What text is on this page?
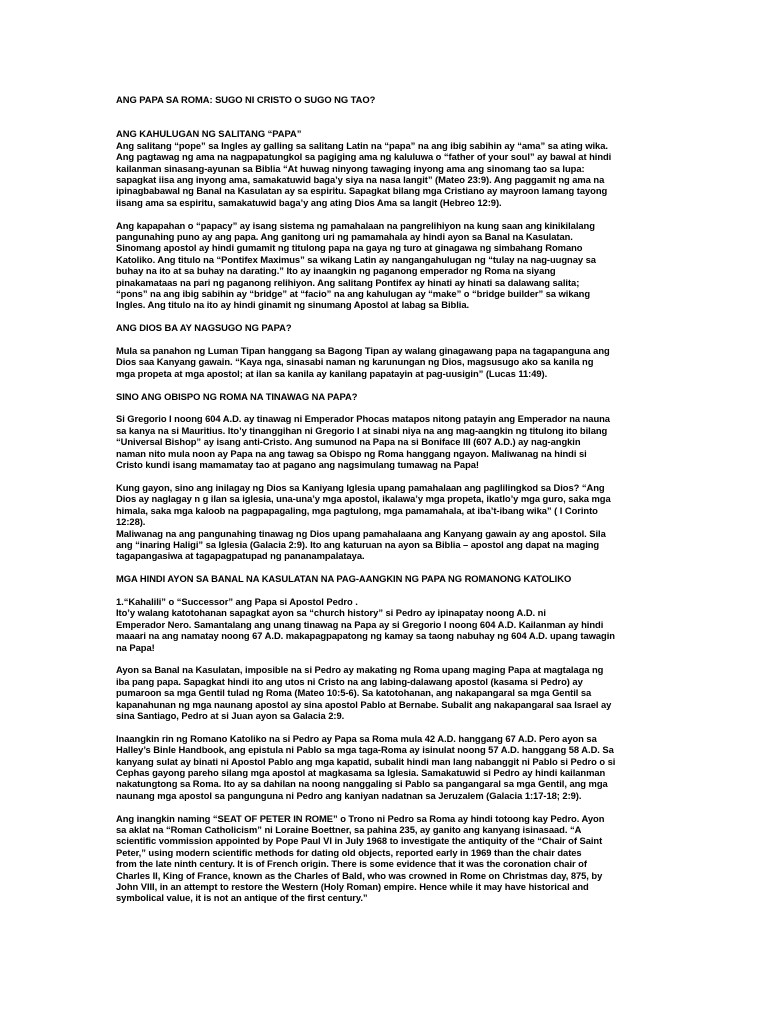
ANG PAPA SA ROMA: SUGO NI CRISTO O SUGO NG TAO?
ANG KAHULUGAN NG SALITANG “PAPA”
Ang salitang “pope” sa Ingles ay galling sa salitang Latin na “papa” na ang ibig sabihin ay “ama” sa ating wika.
Ang pagtawag ng ama na nagpapatungkol sa pagiging ama ng kaluluwa o “father of your soul” ay bawal at hindi
kailanman sinasang-ayunan sa Biblia “At huwag ninyong tawaging inyong ama ang sinomang tao sa lupa:
sapagkat iisa ang inyong ama, samakatuwid baga’y siya na nasa langit” (Mateo 23:9). Ang paggamit ng ama na
ipinagbabawal ng Banal na Kasulatan ay sa espiritu. Sapagkat bilang mga Cristiano ay mayroon lamang tayong
iisang ama sa espiritu, samakatuwid baga’y ang ating Dios Ama sa langit (Hebreo 12:9).
Ang kapapahan o “papacy” ay isang sistema ng pamahalaan na pangrelihiyon na kung saan ang kinikilalang
pangunahing puno ay ang papa. Ang ganitong uri ng pamamahala ay hindi ayon sa Banal na Kasulatan.
Sinomang apostol ay hindi gumamit ng titulong papa na gaya ng turo at ginagawa ng simbahang Romano
Katoliko. Ang titulo na “Pontifex Maximus” sa wikang Latin ay nangangahulugan ng “tulay na nag-uugnay sa
buhay na ito at sa buhay na darating.” Ito ay inaangkin ng paganong emperador ng Roma na siyang
pinakamataas na pari ng paganong relihiyon. Ang salitang Pontifex ay hinati ay hinati sa dalawang salita;
“pons” na ang ibig sabihin ay “bridge” at “facio” na ang kahulugan ay “make” o “bridge builder” sa wikang
Ingles. Ang titulo na ito ay hindi ginamit ng sinumang Apostol at labag sa Biblia.
ANG DIOS BA AY NAGSUGO NG PAPA?
Mula sa panahon ng Luman Tipan hanggang sa Bagong Tipan ay walang ginagawang papa na tagapanguna ang
Dios saa Kanyang gawain. “Kaya nga, sinasabi naman ng karunungan ng Dios, magsusugo ako sa kanila ng
mga propeta at mga apostol; at ilan sa kanila ay kanilang papatayin at pag-uusigin” (Lucas 11:49).
SINO ANG OBISPO NG ROMA NA TINAWAG NA PAPA?
Si Gregorio I noong 604 A.D. ay tinawag ni Emperador Phocas matapos nitong patayin ang Emperador na nauna
sa kanya na si Mauritius. Ito’y tinanggihan ni Gregorio I at sinabi niya na ang mag-aangkin ng titulong ito bilang
“Universal Bishop” ay isang anti-Cristo. Ang sumunod na Papa na si Boniface III (607 A.D.) ay nag-angkin
naman nito mula noon ay Papa na ang tawag sa Obispo ng Roma hanggang ngayon. Maliwanag na hindi si
Cristo kundi isang mamamatay tao at pagano ang nagsimulang tumawag na Papa!
Kung gayon, sino ang inilagay ng Dios sa Kaniyang Iglesia upang pamahalaan ang paglilingkod sa Dios? “Ang
Dios ay naglagay n g ilan sa iglesia, una-una’y mga apostol, ikalawa’y mga propeta, ikatlo’y mga guro, saka mga
himala, saka mga kaloob na pagpapagaling, mga pagtulong, mga pamamahala, at iba’t-ibang wika” ( I Corinto
12:28).
Maliwanag na ang pangunahing tinawag ng Dios upang pamahalaana ang Kanyang gawain ay ang apostol. Sila
ang “inaring Haligi” sa Iglesia (Galacia 2:9). Ito ang katuruan na ayon sa Biblia – apostol ang dapat na maging
tagapangasiwa at tagapagpatupad ng pananampalataya.
MGA HINDI AYON SA BANAL NA KASULATAN NA PAG-AANGKIN NG PAPA NG ROMANONG KATOLIKO
1.“Kahalili” o “Successor” ang Papa si Apostol Pedro .
Ito’y walang katotohanan sapagkat ayon sa “church history” si Pedro ay ipinapatay noong A.D. ni
Emperador Nero. Samantalang ang unang tinawag na Papa ay si Gregorio I noong 604 A.D. Kailanman ay hindi
maaari na ang namatay noong 67 A.D. makapagpapatong ng kamay sa taong nabuhay ng 604 A.D. upang tawagin
na Papa!
Ayon sa Banal na Kasulatan, imposible na si Pedro ay makating ng Roma upang maging Papa at magtalaga ng
iba pang papa. Sapagkat hindi ito ang utos ni Cristo na ang labing-dalawang apostol (kasama si Pedro) ay
pumaroon sa mga Gentil tulad ng Roma (Mateo 10:5-6). Sa katotohanan, ang nakapangaral sa mga Gentil sa
kapanahunan ng mga naunang apostol ay sina apostol Pablo at Bernabe. Subalit ang nakapangaral saa Israel ay
sina Santiago, Pedro at si Juan ayon sa Galacia 2:9.
Inaangkin rin ng Romano Katoliko na si Pedro ay Papa sa Roma mula 42 A.D. hanggang 67 A.D. Pero ayon sa
Halley’s Binle Handbook, ang epistula ni Pablo sa mga taga-Roma ay isinulat noong 57 A.D. hanggang 58 A.D. Sa
kanyang sulat ay binati ni Apostol Pablo ang mga kapatid, subalit hindi man lang nabanggit ni Pablo si Pedro o si
Cephas gayong pareho silang mga apostol at magkasama sa Iglesia. Samakatuwid si Pedro ay hindi kailanman
nakatungtong sa Roma. Ito ay sa dahilan na noong nanggaling si Pablo sa pangangaral sa mga Gentil, ang mga
naunang mga apostol sa pangunguna ni Pedro ang kaniyan nadatnan sa Jeruzalem (Galacia 1:17-18; 2:9).
Ang inangkin naming “SEAT OF PETER IN ROME” o Trono ni Pedro sa Roma ay hindi totoong kay Pedro. Ayon
sa aklat na “Roman Catholicism” ni Loraine Boettner, sa pahina 235, ay ganito ang kanyang isinasaad. “A
scientific vommission appointed by Pope Paul VI in July 1968 to investigate the antiquity of the “Chair of Saint
Peter,” using modern scientific methods for dating old objects, reported early in 1969 than the chair dates
from the late ninth century. It is of French origin. There is some evidence that it was the coronation chair of
Charles II, King of France, known as the Charles of Bald, who was crowned in Rome on Christmas day, 875, by
John VIII, in an attempt to restore the Western (Holy Roman) empire. Hence while it may have historical and
symbolical value, it is not an antique of the first century.”
